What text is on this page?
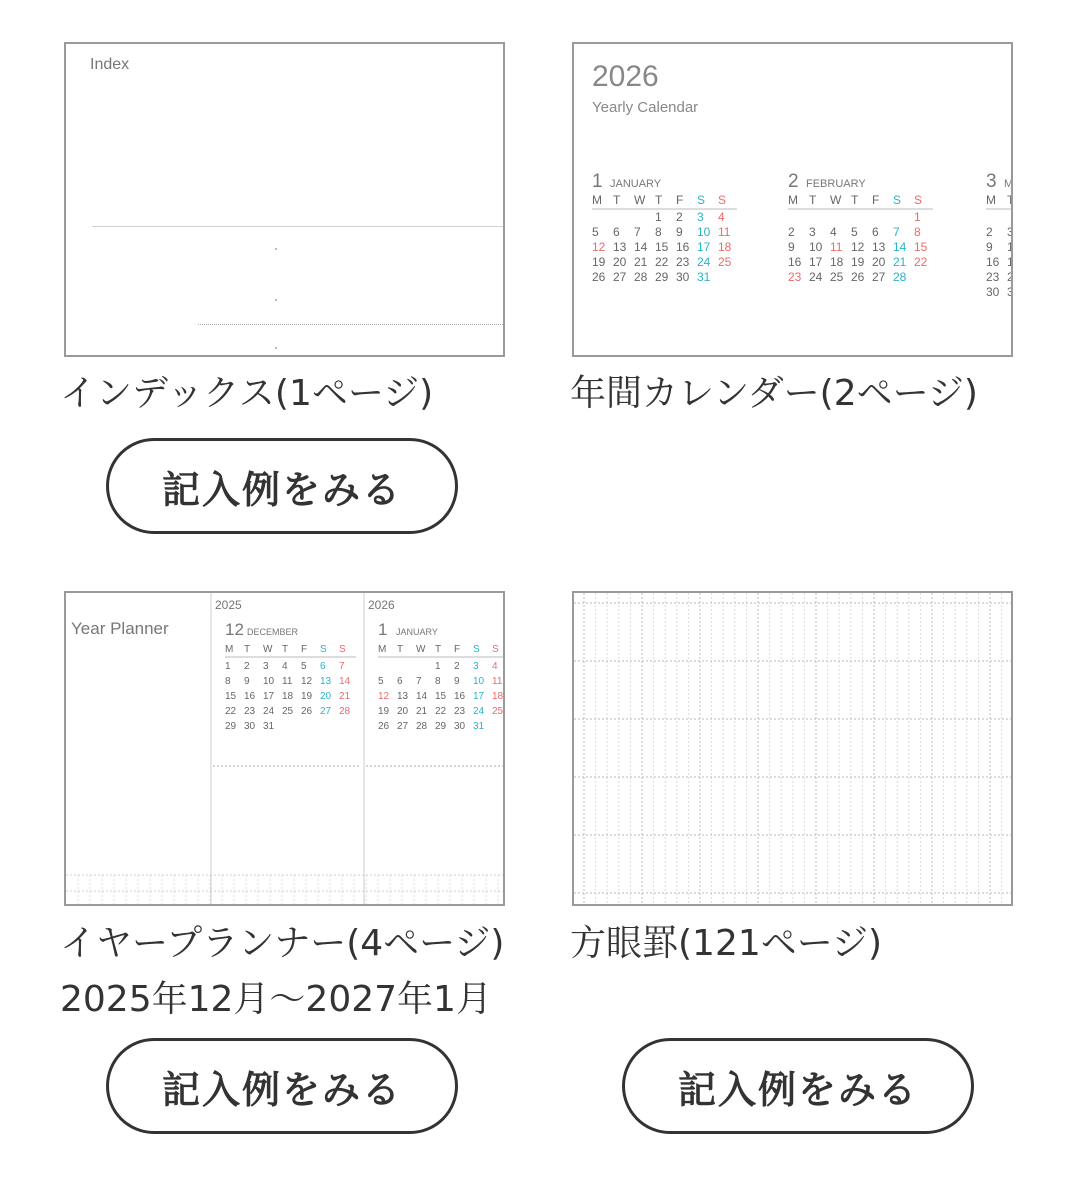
Index
インデックス(1ページ)
記入例をみる
2026
Yearly Calendar
1 JANUARY
M T W T F S S
1 2 3 4
5 6 7 8 9 10 11
12 13 14 15 16 17 18
19 20 21 22 23 24 25
26 27 28 29 30 31
2 FEBRUARY
M T W T F S S
1
2 3 4 5 6 7 8
9 10 11 12 13 14 15
16 17 18 19 20 21 22
23 24 25 26 27 28
3 M
M T
2 3
9 1
16 1
23 2
30 3
年間カレンダー(2ページ)
Year Planner
2025
12 DECEMBER
M T W T F S S
1 2 3 4 5 6 7
8 9 10 11 12 13 14
15 16 17 18 19 20 21
22 23 24 25 26 27 28
29 30 31
2026
1 JANUARY
M T W T F S S
1 2 3 4
5 6 7 8 9 10 11
12 13 14 15 16 17 18
19 20 21 22 23 24 25
26 27 28 29 30 31
イヤープランナー(4ページ)
2025年12月〜2027年1月
記入例をみる
方眼罫(121ページ)
記入例をみる
